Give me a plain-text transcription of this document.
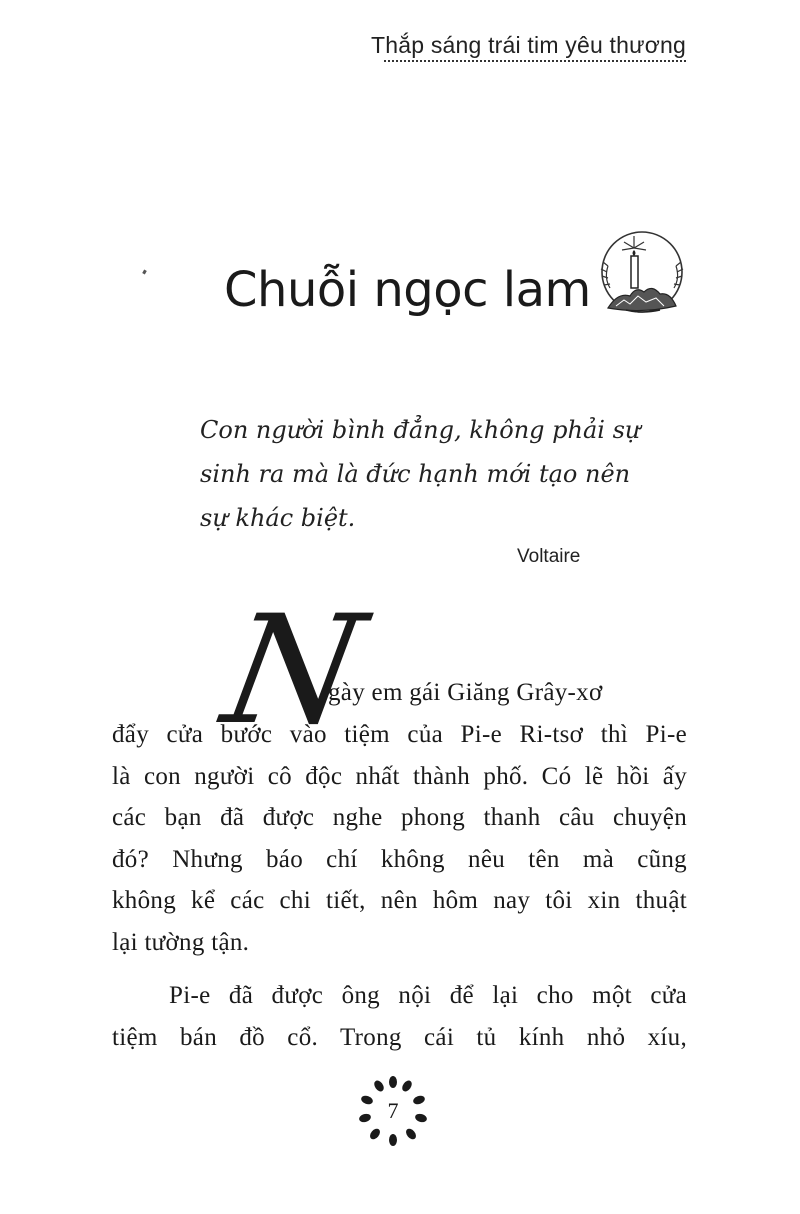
Thắp sáng trái tim yêu thương
Chuỗi ngọc lam
Con người bình đẳng, không phải sự
sinh ra mà là đức hạnh mới tạo nên
sự khác biệt.
Voltaire
N
gày em gái Giăng Grây-xơ
đẩy cửa bước vào tiệm của Pi-e Ri-tsơ thì Pi-e
là con người cô độc nhất thành phố. Có lẽ hồi ấy
các bạn đã được nghe phong thanh câu chuyện
đó? Nhưng báo chí không nêu tên mà cũng
không kể các chi tiết, nên hôm nay tôi xin thuật
lại tường tận.
Pi-e đã được ông nội để lại cho một cửa
tiệm bán đồ cổ. Trong cái tủ kính nhỏ xíu,
7
